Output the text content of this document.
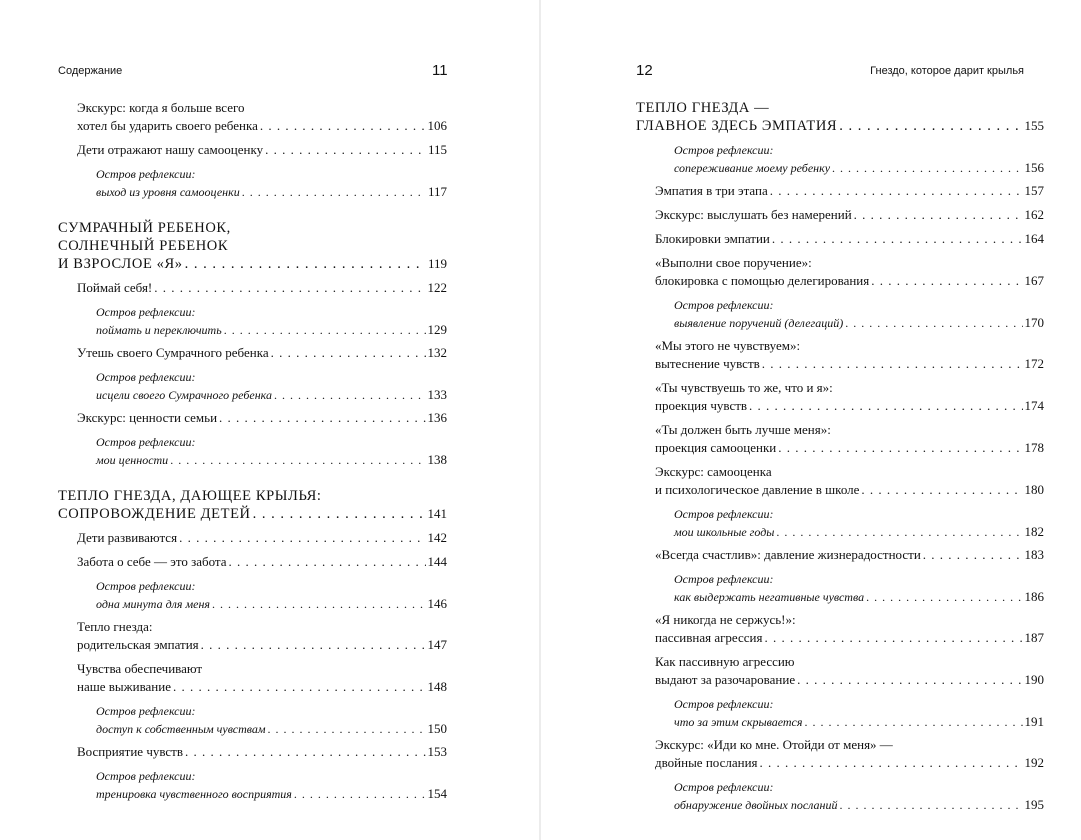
Содержание	11
Экскурс: когда я больше всего
хотел бы ударить своего ребенка . . .	106
Дети отражают нашу самооценку . . .	115
Остров рефлексии:
выход из уровня самооценки . . .	117
СУМРАЧНЫЙ РЕБЕНОК,
СОЛНЕЧНЫЙ РЕБЕНОК
И ВЗРОСЛОЕ «Я» . . .	119
Поймай себя! . . .	122
Остров рефлексии:
поймать и переключить . . .	129
Утешь своего Сумрачного ребенка . . .	132
Остров рефлексии:
исцели своего Сумрачного ребенка . . .	133
Экскурс: ценности семьи . . .	136
Остров рефлексии:
мои ценности . . .	138
ТЕПЛО ГНЕЗДА, ДАЮЩЕЕ КРЫЛЬЯ:
СОПРОВОЖДЕНИЕ ДЕТЕЙ . . .	141
Дети развиваются . . .	142
Забота о себе — это забота . . .	144
Остров рефлексии:
одна минута для меня . . .	146
Тепло гнезда:
родительская эмпатия . . .	147
Чувства обеспечивают
наше выживание . . .	148
Остров рефлексии:
доступ к собственным чувствам . . .	150
Восприятие чувств . . .	153
Остров рефлексии:
тренировка чувственного восприятия . . .	154
12	Гнездо, которое дарит крылья
ТЕПЛО ГНЕЗДА —
ГЛАВНОЕ ЗДЕСЬ ЭМПАТИЯ . . .	155
Остров рефлексии:
сопереживание моему ребенку . . .	156
Эмпатия в три этапа . . .	157
Экскурс: выслушать без намерений . . .	162
Блокировки эмпатии . . .	164
«Выполни свое поручение»:
блокировка с помощью делегирования . . .	167
Остров рефлексии:
выявление поручений (делегаций) . . .	170
«Мы этого не чувствуем»:
вытеснение чувств . . .	172
«Ты чувствуешь то же, что и я»:
проекция чувств . . .	174
«Ты должен быть лучше меня»:
проекция самооценки . . .	178
Экскурс: самооценка
и психологическое давление в школе . . .	180
Остров рефлексии:
мои школьные годы . . .	182
«Всегда счастлив»: давление жизнерадостности . . .	183
Остров рефлексии:
как выдержать негативные чувства . . .	186
«Я никогда не сержусь!»:
пассивная агрессия . . .	187
Как пассивную агрессию
выдают за разочарование . . .	190
Остров рефлексии:
что за этим скрывается . . .	191
Экскурс: «Иди ко мне. Отойди от меня» —
двойные послания . . .	192
Остров рефлексии:
обнаружение двойных посланий . . .	195
